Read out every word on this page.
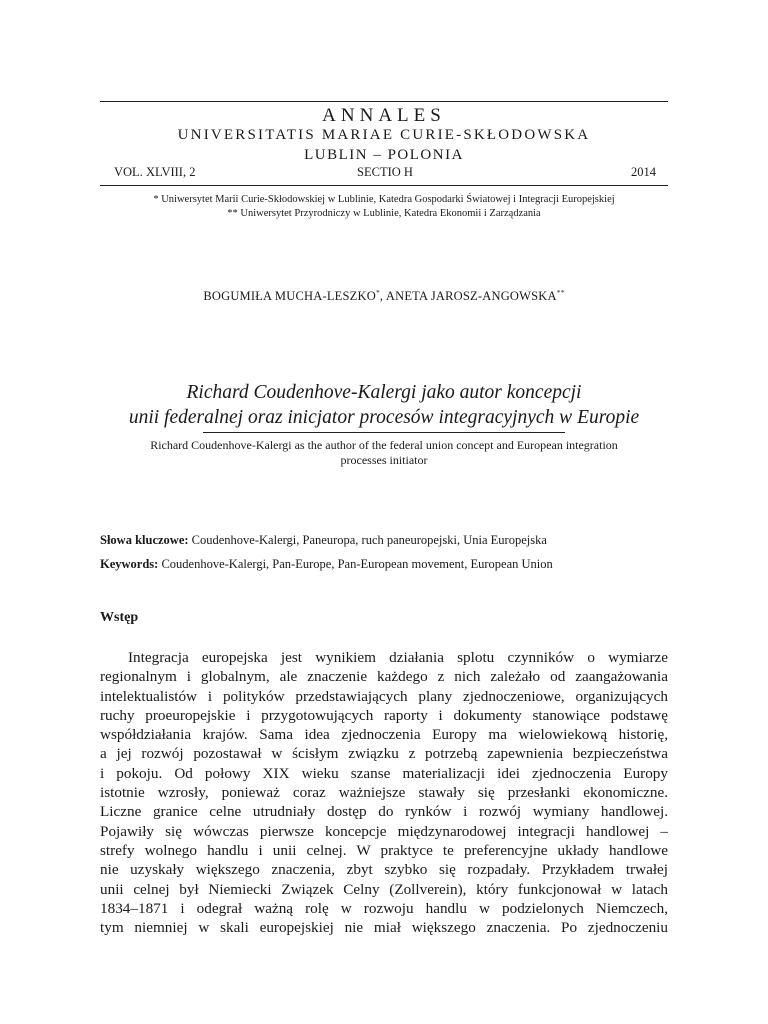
ANNALES
UNIVERSITATIS MARIAE CURIE-SKŁODOWSKA
LUBLIN – POLONIA
VOL. XLVIII, 2	SECTIO H	2014
* Uniwersytet Marii Curie-Skłodowskiej w Lublinie, Katedra Gospodarki Światowej i Integracji Europejskiej
** Uniwersytet Przyrodniczy w Lublinie, Katedra Ekonomii i Zarządzania
BOGUMIŁA MUCHA-LESZKO*, ANETA JAROSZ-ANGOWSKA**
Richard Coudenhove-Kalergi jako autor koncepcji
unii federalnej oraz inicjator procesów integracyjnych w Europie
Richard Coudenhove-Kalergi as the author of the federal union concept and European integration
processes initiator
Słowa kluczowe: Coudenhove-Kalergi, Paneuropa, ruch paneuropejski, Unia Europejska
Keywords: Coudenhove-Kalergi, Pan-Europe, Pan-European movement, European Union
Wstęp
Integracja europejska jest wynikiem działania splotu czynników o wymiarze
regionalnym i globalnym, ale znaczenie każdego z nich zależało od zaangażowania
intelektualistów i polityków przedstawiających plany zjednoczeniowe, organizujących
ruchy proeuropejskie i przygotowujących raporty i dokumenty stanowiące podstawę
współdziałania krajów. Sama idea zjednoczenia Europy ma wielowiekową historię,
a jej rozwój pozostawał w ścisłym związku z potrzebą zapewnienia bezpieczeństwa
i pokoju. Od połowy XIX wieku szanse materializacji idei zjednoczenia Europy
istotnie wzrosły, ponieważ coraz ważniejsze stawały się przesłanki ekonomiczne.
Liczne granice celne utrudniały dostęp do rynków i rozwój wymiany handlowej.
Pojawiły się wówczas pierwsze koncepcje międzynarodowej integracji handlowej –
strefy wolnego handlu i unii celnej. W praktyce te preferencyjne układy handlowe
nie uzyskały większego znaczenia, zbyt szybko się rozpadały. Przykładem trwałej
unii celnej był Niemiecki Związek Celny (Zollverein), który funkcjonował w latach
1834–1871 i odegrał ważną rolę w rozwoju handlu w podzielonych Niemczech,
tym niemniej w skali europejskiej nie miał większego znaczenia. Po zjednoczeniu
